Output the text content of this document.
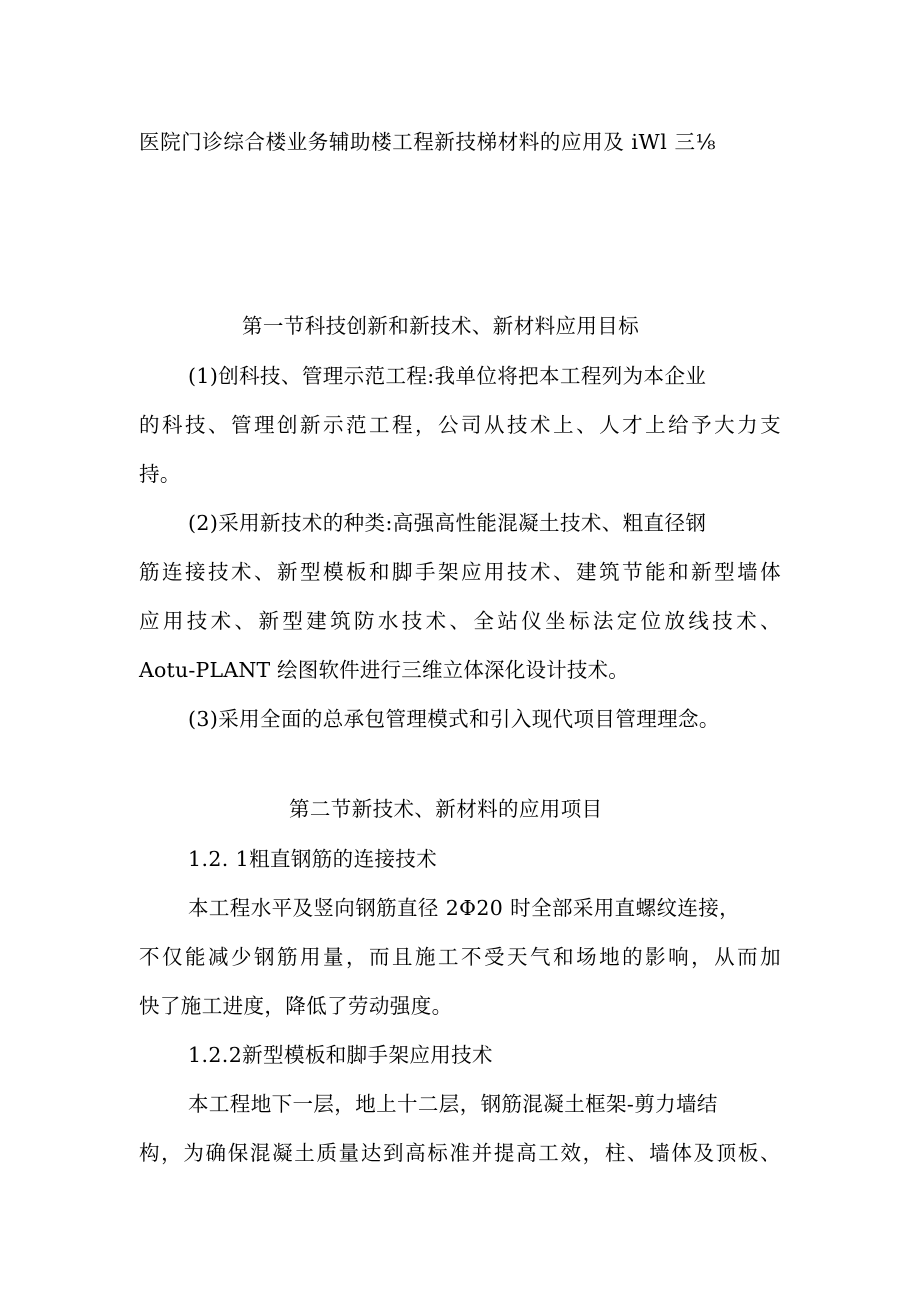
医院门诊综合楼业务辅助楼工程新技梯材料的应用及 iWl 三⅛
第一节科技创新和新技术、新材料应用目标
(1)创科技、管理示范工程:我单位将把本工程列为本企业
的科技、管理创新示范工程，公司从技术上、人才上给予大力支
持。
(2)采用新技术的种类:高强高性能混凝土技术、粗直径钢
筋连接技术、新型模板和脚手架应用技术、建筑节能和新型墙体
应用技术、新型建筑防水技术、全站仪坐标法定位放线技术、
Aotu-PLANT 绘图软件进行三维立体深化设计技术。
(3)采用全面的总承包管理模式和引入现代项目管理理念。
第二节新技术、新材料的应用项目
1.2. 1粗直钢筋的连接技术
本工程水平及竖向钢筋直径 2Φ20 时全部采用直螺纹连接，
不仅能减少钢筋用量，而且施工不受天气和场地的影响，从而加
快了施工进度，降低了劳动强度。
1.2.2新型模板和脚手架应用技术
本工程地下一层，地上十二层，钢筋混凝土框架-剪力墙结
构，为确保混凝土质量达到高标准并提高工效，柱、墙体及顶板、
